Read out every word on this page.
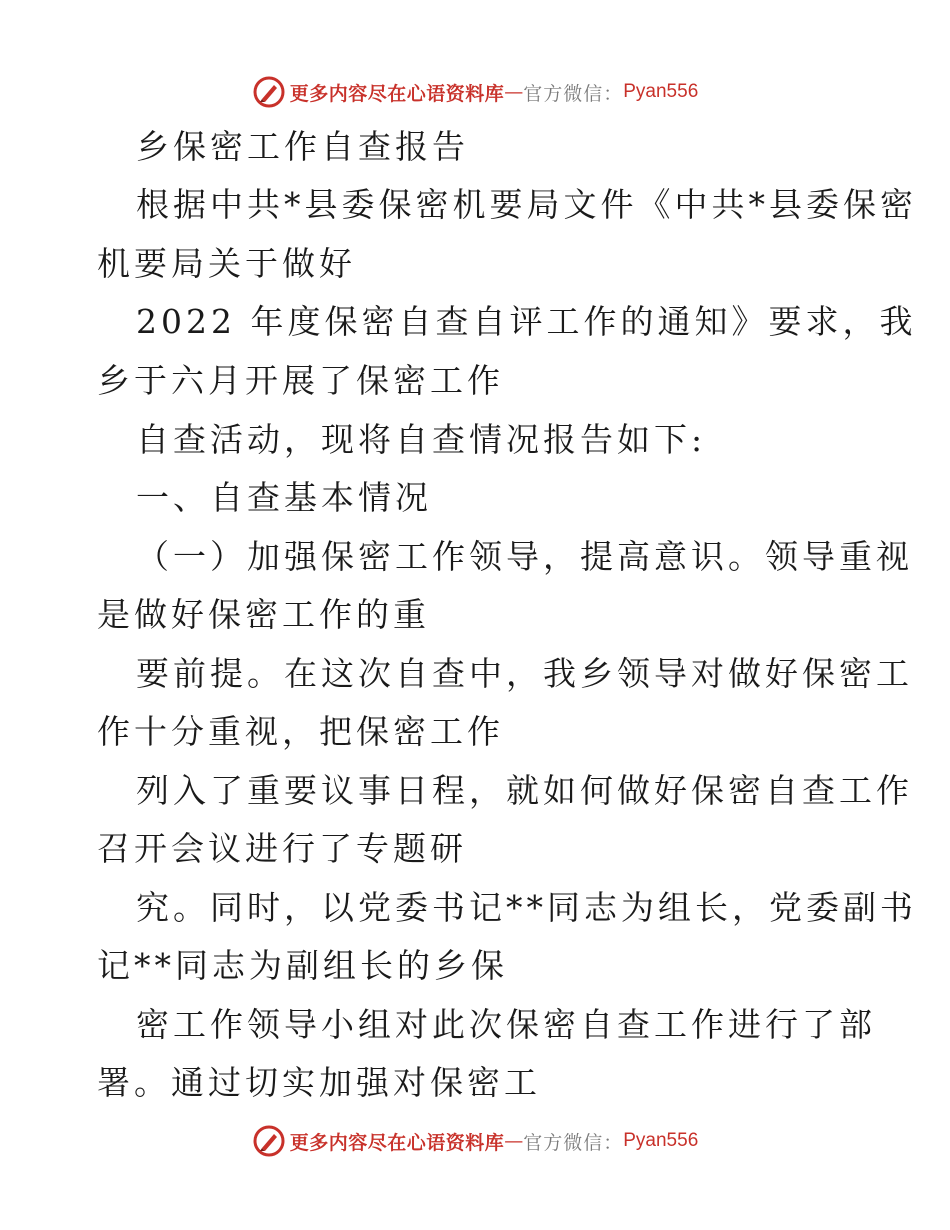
更多内容尽在心语资料库 — 官方微信： Pyan556
乡保密工作自查报告
根据中共*县委保密机要局文件《中共*县委保密
机要局关于做好
2022 年度保密自查自评工作的通知》要求，我
乡于六月开展了保密工作
自查活动，现将自查情况报告如下:
一、自查基本情况
（一）加强保密工作领导，提高意识。领导重视
是做好保密工作的重
要前提。在这次自查中，我乡领导对做好保密工
作十分重视，把保密工作
列入了重要议事日程，就如何做好保密自查工作
召开会议进行了专题研
究。同时，以党委书记**同志为组长，党委副书
记**同志为副组长的乡保
密工作领导小组对此次保密自查工作进行了部
署。通过切实加强对保密工
更多内容尽在心语资料库 — 官方微信： Pyan556
